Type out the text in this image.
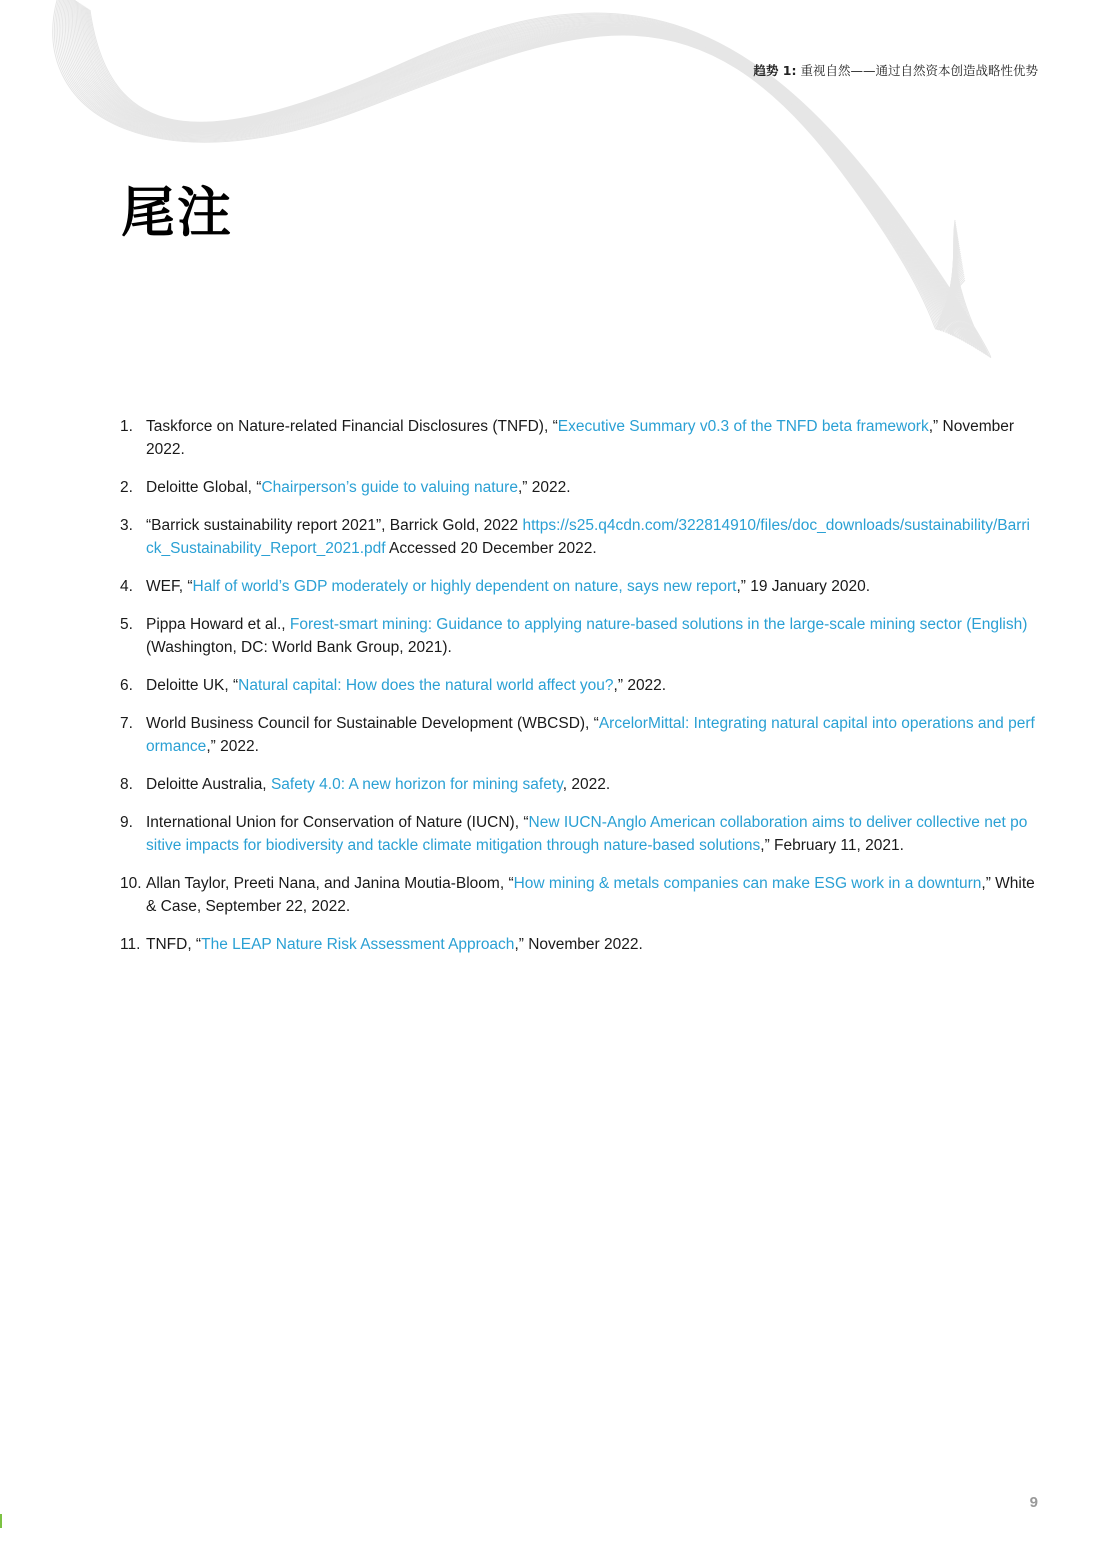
趋势 1: 重视自然——通过自然资本创造战略性优势
尾注
1. Taskforce on Nature-related Financial Disclosures (TNFD), “Executive Summary v0.3 of the TNFD beta framework,” November 2022.
2. Deloitte Global, “Chairperson’s guide to valuing nature,” 2022.
3. “Barrick sustainability report 2021”, Barrick Gold, 2022 https://s25.q4cdn.com/322814910/files/doc_downloads/sustainability/Barrick_Sustainability_Report_2021.pdf Accessed 20 December 2022.
4. WEF, “Half of world’s GDP moderately or highly dependent on nature, says new report,” 19 January 2020.
5. Pippa Howard et al., Forest-smart mining: Guidance to applying nature-based solutions in the large-scale mining sector (English) (Washington, DC: World Bank Group, 2021).
6. Deloitte UK, “Natural capital: How does the natural world affect you?,” 2022.
7. World Business Council for Sustainable Development (WBCSD), “ArcelorMittal: Integrating natural capital into operations and performance,” 2022.
8. Deloitte Australia, Safety 4.0: A new horizon for mining safety, 2022.
9. International Union for Conservation of Nature (IUCN), “New IUCN-Anglo American collaboration aims to deliver collective net positive impacts for biodiversity and tackle climate mitigation through nature-based solutions,” February 11, 2021.
10. Allan Taylor, Preeti Nana, and Janina Moutia-Bloom, “How mining & metals companies can make ESG work in a downturn,” White & Case, September 22, 2022.
11. TNFD, “The LEAP Nature Risk Assessment Approach,” November 2022.
9
